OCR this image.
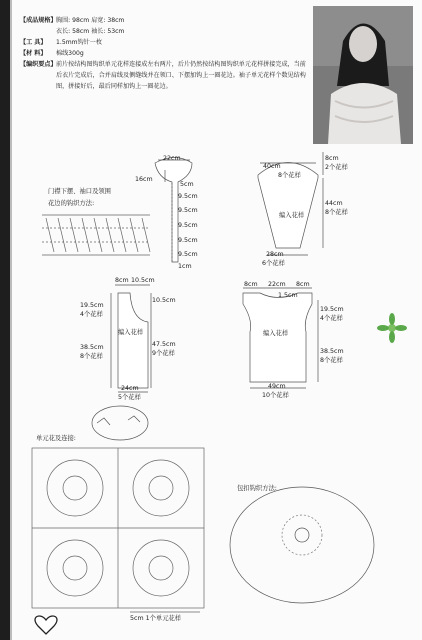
【成品规格】 胸围: 98cm 肩宽: 38cm
衣长: 58cm 袖长: 53cm
【工 具】 1.5mm钩针一枚
【材 料】 棉线300g
【编织要点】 前片按结构图钩织单元花样连接成左右两片，后片仍然按结构图钩织单元花样拼接完成，当前后衣片完成后，合并肩线及侧缝线并在领口、下摆加钩上一圈花边。袖子单元花样个数见结构图，拼接好后，最后同样加钩上一圈花边。
40cm
8个花样
8cm
2个花样
44cm
8个花样
编入花样
28cm
6个花样
门襟下摆、袖口及领围
花边的钩织方法:
22cm
16cm
5cm
9.5cm
9.5cm
9.5cm
9.5cm
9.5cm
1cm
8cm 10.5cm
10.5cm
19.5cm
4个花样
38.5cm
8个花样
47.5cm
9个花样
编入花样
24cm
5个花样
8cm 22cm 8cm
1.5cm
19.5cm
4个花样
38.5cm
8个花样
编入花样
49cm
10个花样
单元花及连接:
包扣钩织方法:
5cm 1个单元花样
